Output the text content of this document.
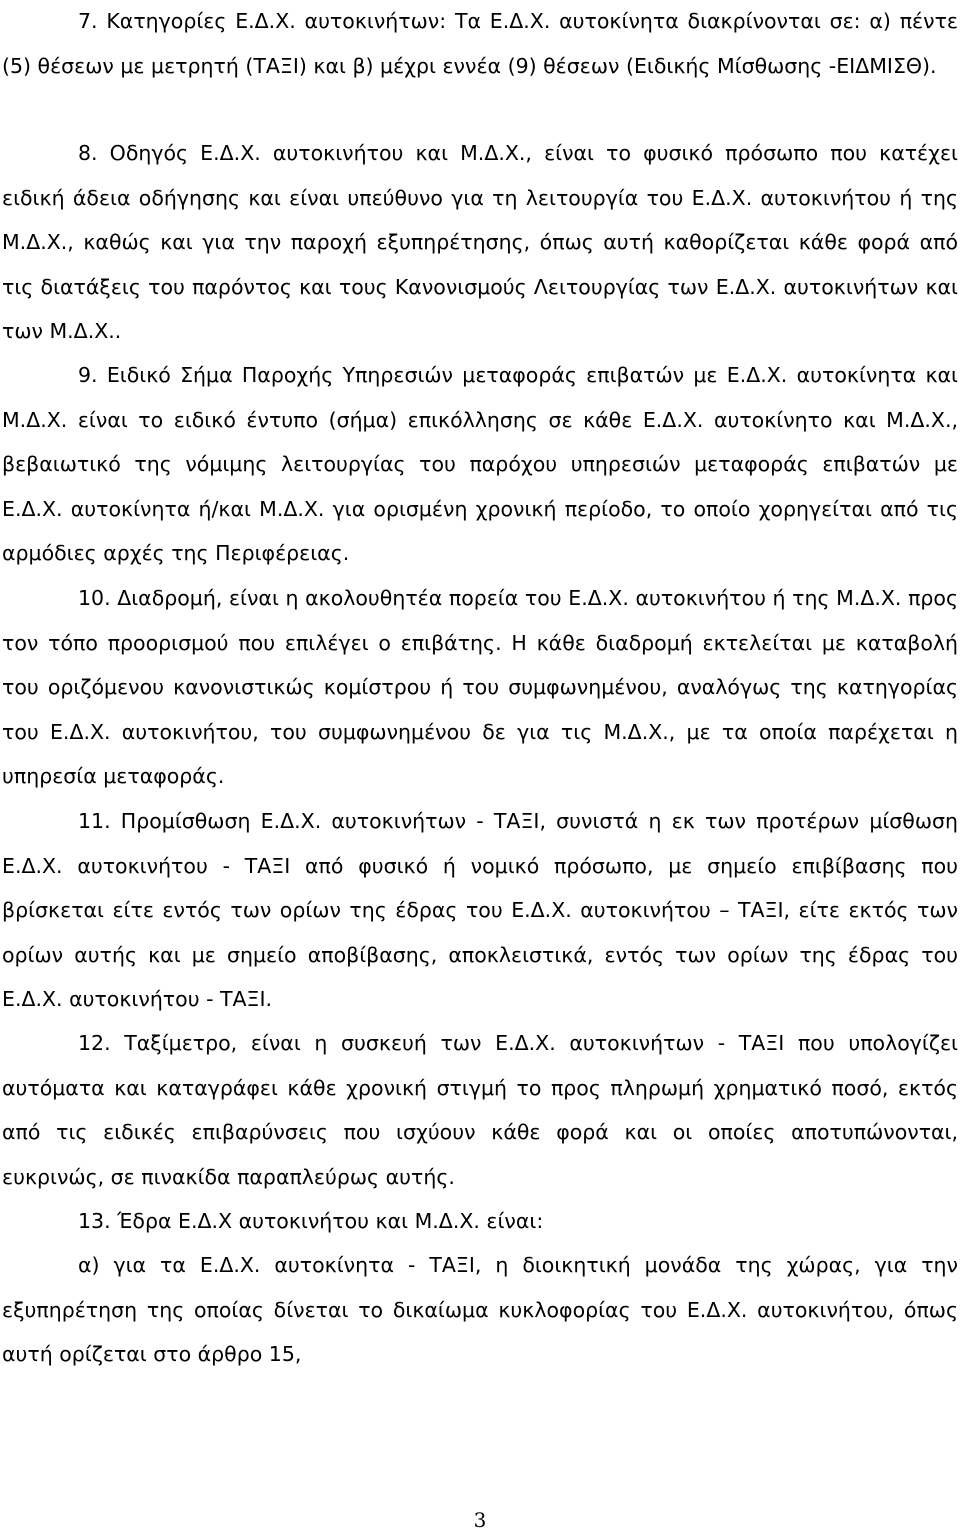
7. Κατηγορίες Ε.Δ.Χ. αυτοκινήτων: Τα Ε.Δ.Χ. αυτοκίνητα διακρίνονται σε: α) πέντε (5) θέσεων με μετρητή (ΤΑΞΙ) και β) μέχρι εννέα (9) θέσεων (Ειδικής Μίσθωσης -ΕΙΔΜΙΣΘ).

8. Οδηγός Ε.Δ.Χ. αυτοκινήτου και Μ.Δ.Χ., είναι το φυσικό πρόσωπο που κατέχει ειδική άδεια οδήγησης και είναι υπεύθυνο για τη λειτουργία του Ε.Δ.Χ. αυτοκινήτου ή της Μ.Δ.Χ., καθώς και για την παροχή εξυπηρέτησης, όπως αυτή καθορίζεται κάθε φορά από τις διατάξεις του παρόντος και τους Κανονισμούς Λειτουργίας των Ε.Δ.Χ. αυτοκινήτων και των Μ.Δ.Χ..

9. Ειδικό Σήμα Παροχής Υπηρεσιών μεταφοράς επιβατών με Ε.Δ.Χ. αυτοκίνητα και Μ.Δ.Χ. είναι το ειδικό έντυπο (σήμα) επικόλλησης σε κάθε Ε.Δ.Χ. αυτοκίνητο και Μ.Δ.Χ., βεβαιωτικό της νόμιμης λειτουργίας του παρόχου υπηρεσιών μεταφοράς επιβατών με Ε.Δ.Χ. αυτοκίνητα ή/και Μ.Δ.Χ. για ορισμένη χρονική περίοδο, το οποίο χορηγείται από τις αρμόδιες αρχές της Περιφέρειας.

10. Διαδρομή, είναι η ακολουθητέα πορεία του Ε.Δ.Χ. αυτοκινήτου ή της Μ.Δ.Χ. προς τον τόπο προορισμού που επιλέγει ο επιβάτης. Η κάθε διαδρομή εκτελείται με καταβολή του οριζόμενου κανονιστικώς κομίστρου ή του συμφωνημένου, αναλόγως της κατηγορίας του Ε.Δ.Χ. αυτοκινήτου, του συμφωνημένου δε για τις Μ.Δ.Χ., με τα οποία παρέχεται η υπηρεσία μεταφοράς.

11. Προμίσθωση Ε.Δ.Χ. αυτοκινήτων - ΤΑΞΙ, συνιστά η εκ των προτέρων μίσθωση Ε.Δ.Χ. αυτοκινήτου - ΤΑΞΙ από φυσικό ή νομικό πρόσωπο, με σημείο επιβίβασης που βρίσκεται είτε εντός των ορίων της έδρας του Ε.Δ.Χ. αυτοκινήτου – ΤΑΞΙ, είτε εκτός των ορίων αυτής και με σημείο αποβίβασης, αποκλειστικά, εντός των ορίων της έδρας του Ε.Δ.Χ. αυτοκινήτου - ΤΑΞΙ.

12. Ταξίμετρο, είναι η συσκευή των Ε.Δ.Χ. αυτοκινήτων - ΤΑΞΙ που υπολογίζει αυτόματα και καταγράφει κάθε χρονική στιγμή το προς πληρωμή χρηματικό ποσό, εκτός από τις ειδικές επιβαρύνσεις που ισχύουν κάθε φορά και οι οποίες αποτυπώνονται, ευκρινώς, σε πινακίδα παραπλεύρως αυτής.

13. Έδρα Ε.Δ.Χ αυτοκινήτου και Μ.Δ.Χ. είναι:

α) για τα Ε.Δ.Χ. αυτοκίνητα - ΤΑΞΙ, η διοικητική μονάδα της χώρας, για την εξυπηρέτηση της οποίας δίνεται το δικαίωμα κυκλοφορίας του Ε.Δ.Χ. αυτοκινήτου, όπως αυτή ορίζεται στο άρθρο 15,

3
